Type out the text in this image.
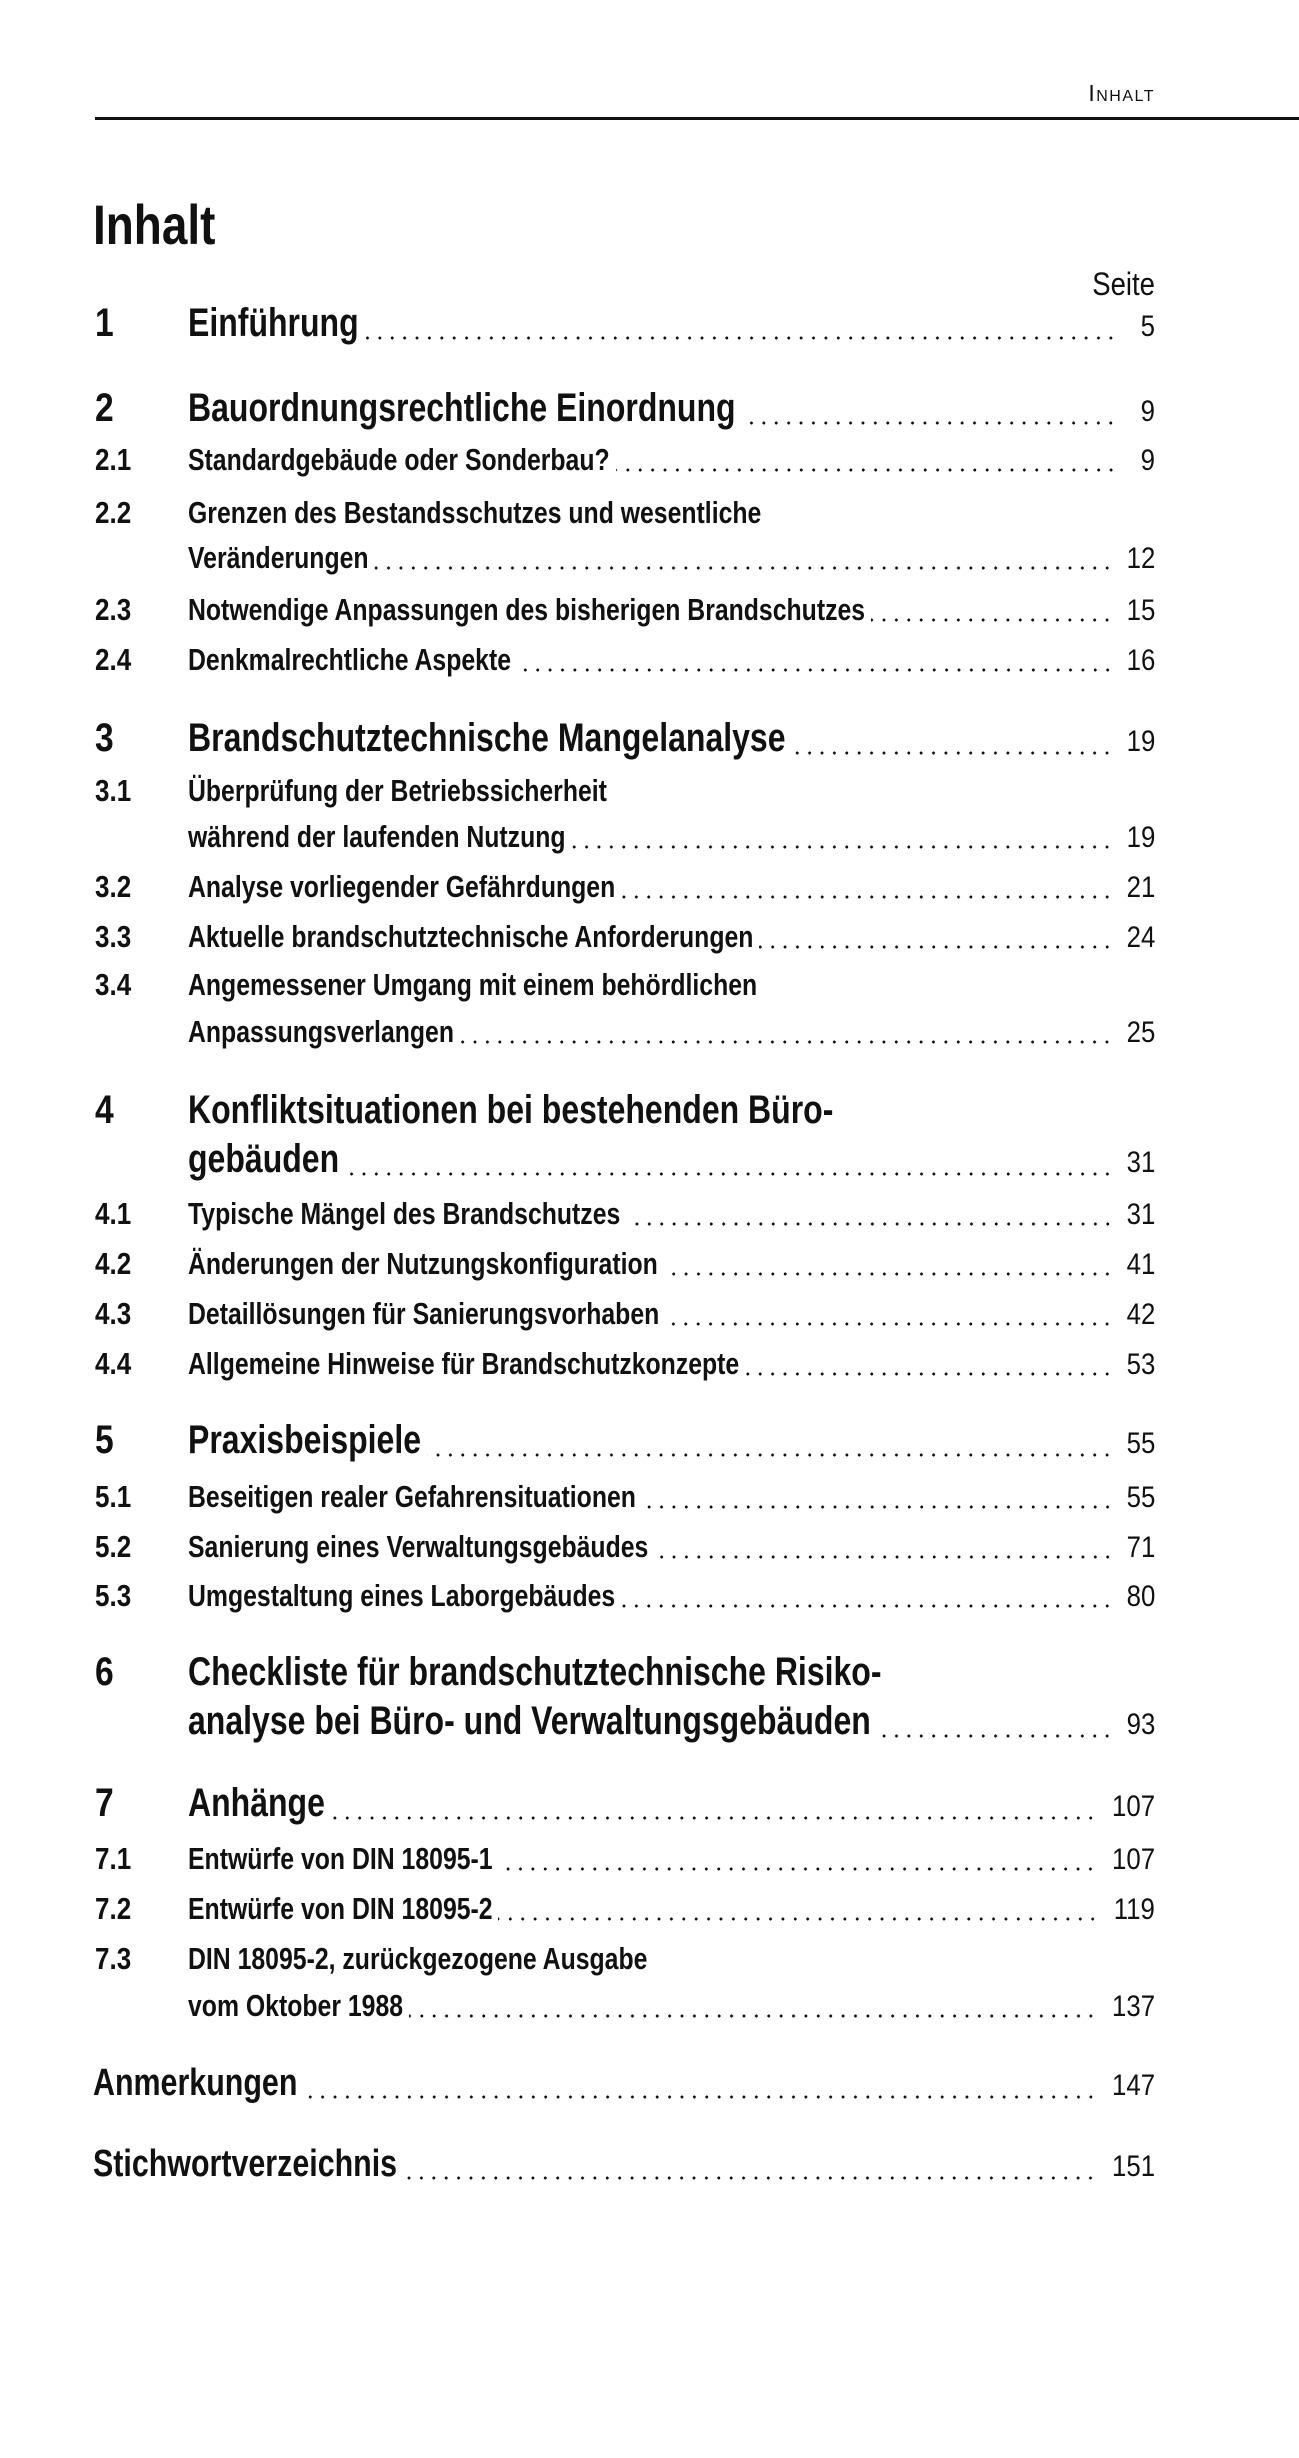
Inhalt
Inhalt
Seite
1 Einführung	5
2 Bauordnungsrechtliche Einordnung	9
2.1 Standardgebäude oder Sonderbau?	9
2.2 Grenzen des Bestandsschutzes und wesentliche
Veränderungen	12
2.3 Notwendige Anpassungen des bisherigen Brandschutzes	15
2.4 Denkmalrechtliche Aspekte	16
3 Brandschutztechnische Mangelanalyse	19
3.1 Überprüfung der Betriebssicherheit
während der laufenden Nutzung	19
3.2 Analyse vorliegender Gefährdungen	21
3.3 Aktuelle brandschutztechnische Anforderungen	24
3.4 Angemessener Umgang mit einem behördlichen
Anpassungsverlangen	25
4 Konfliktsituationen bei bestehenden Büro-
gebäuden	31
4.1 Typische Mängel des Brandschutzes	31
4.2 Änderungen der Nutzungskonfiguration	41
4.3 Detaillösungen für Sanierungsvorhaben	42
4.4 Allgemeine Hinweise für Brandschutzkonzepte	53
5 Praxisbeispiele	55
5.1 Beseitigen realer Gefahrensituationen	55
5.2 Sanierung eines Verwaltungsgebäudes	71
5.3 Umgestaltung eines Laborgebäudes	80
6 Checkliste für brandschutztechnische Risiko-
analyse bei Büro- und Verwaltungsgebäuden	93
7 Anhänge	107
7.1 Entwürfe von DIN 18095-1	107
7.2 Entwürfe von DIN 18095-2	119
7.3 DIN 18095-2, zurückgezogene Ausgabe
vom Oktober 1988	137
Anmerkungen	147
Stichwortverzeichnis	151
